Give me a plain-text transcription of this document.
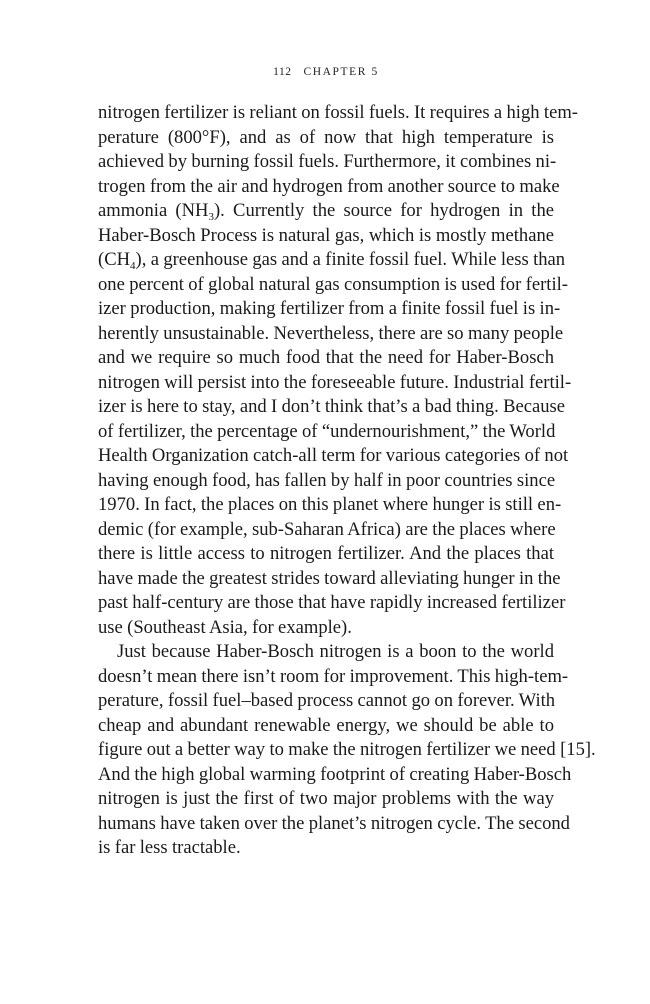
112 CHAPTER 5
nitrogen fertilizer is reliant on fossil fuels. It requires a high tem-
perature (800°F), and as of now that high temperature is
achieved by burning fossil fuels. Furthermore, it combines ni-
trogen from the air and hydrogen from another source to make
ammonia $(NH_3)$. Currently the source for hydrogen in the
Haber-Bosch Process is natural gas, which is mostly methane
$(CH_4)$, a greenhouse gas and a finite fossil fuel. While less than
one percent of global natural gas consumption is used for fertil-
izer production, making fertilizer from a finite fossil fuel is in-
herently unsustainable. Nevertheless, there are so many people
and we require so much food that the need for Haber-Bosch
nitrogen will persist into the foreseeable future. Industrial fertil-
izer is here to stay, and I don’t think that’s a bad thing. Because
of fertilizer, the percentage of “undernourishment,” the World
Health Organization catch-all term for various categories of not
having enough food, has fallen by half in poor countries since
1970. In fact, the places on this planet where hunger is still en-
demic (for example, sub-Saharan Africa) are the places where
there is little access to nitrogen fertilizer. And the places that
have made the greatest strides toward alleviating hunger in the
past half-century are those that have rapidly increased fertilizer
use (Southeast Asia, for example).
Just because Haber-Bosch nitrogen is a boon to the world
doesn’t mean there isn’t room for improvement. This high-tem-
perature, fossil fuel–based process cannot go on forever. With
cheap and abundant renewable energy, we should be able to
figure out a better way to make the nitrogen fertilizer we need [15].
And the high global warming footprint of creating Haber-Bosch
nitrogen is just the first of two major problems with the way
humans have taken over the planet’s nitrogen cycle. The second
is far less tractable.
